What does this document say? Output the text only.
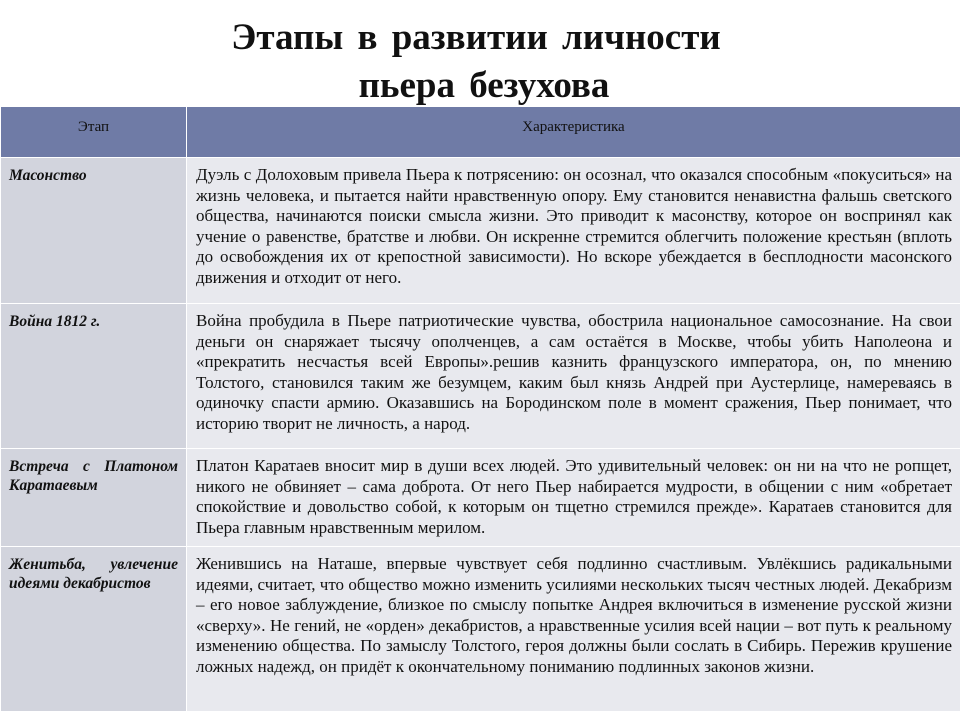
Этапы в развитии личности
пьера безухова
Этап	Характеристика

Масонство	Дуэль с Долоховым привела Пьера к потрясению: он осознал, что оказался способным «покуситься» на жизнь человека, и пытается найти нравственную опору. Ему становится ненавистна фальшь светского общества, начинаются поиски смысла жизни. Это приводит к масонству, которое он воспринял как учение о равенстве, братстве и любви. Он искренне стремится облегчить положение крестьян (вплоть до освобождения их от крепостной зависимости). Но вскоре убеждается в бесплодности масонского движения и отходит от него.

Война 1812 г.	Война пробудила в Пьере патриотические чувства, обострила национальное самосознание. На свои деньги он снаряжает тысячу ополченцев, а сам остаётся в Москве, чтобы убить Наполеона и «прекратить несчастья всей Европы».решив казнить французского императора, он, по мнению Толстого, становился таким же безумцем, каким был князь Андрей при Аустерлице, намереваясь в одиночку спасти армию. Оказавшись на Бородинском поле в момент сражения, Пьер понимает, что историю творит не личность, а народ.

Встреча с Платоном Каратаевым	Платон Каратаев вносит мир в души всех людей. Это удивительный человек: он ни на что не ропщет, никого не обвиняет – сама доброта. От него Пьер набирается мудрости, в общении с ним «обретает спокойствие и довольство собой, к которым он тщетно стремился прежде». Каратаев становится для Пьера главным нравственным мерилом.

Женитьба, увлечение идеями декабристов	Женившись на Наташе, впервые чувствует себя подлинно счастливым. Увлёкшись радикальными идеями, считает, что общество можно изменить усилиями нескольких тысяч честных людей. Декабризм – его новое заблуждение, близкое по смыслу попытке Андрея включиться в изменение русской жизни «сверху». Не гений, не «орден» декабристов, а нравственные усилия всей нации – вот путь к реальному изменению общества. По замыслу Толстого, героя должны были сослать в Сибирь. Пережив крушение ложных надежд, он придёт к окончательному пониманию подлинных законов жизни.
